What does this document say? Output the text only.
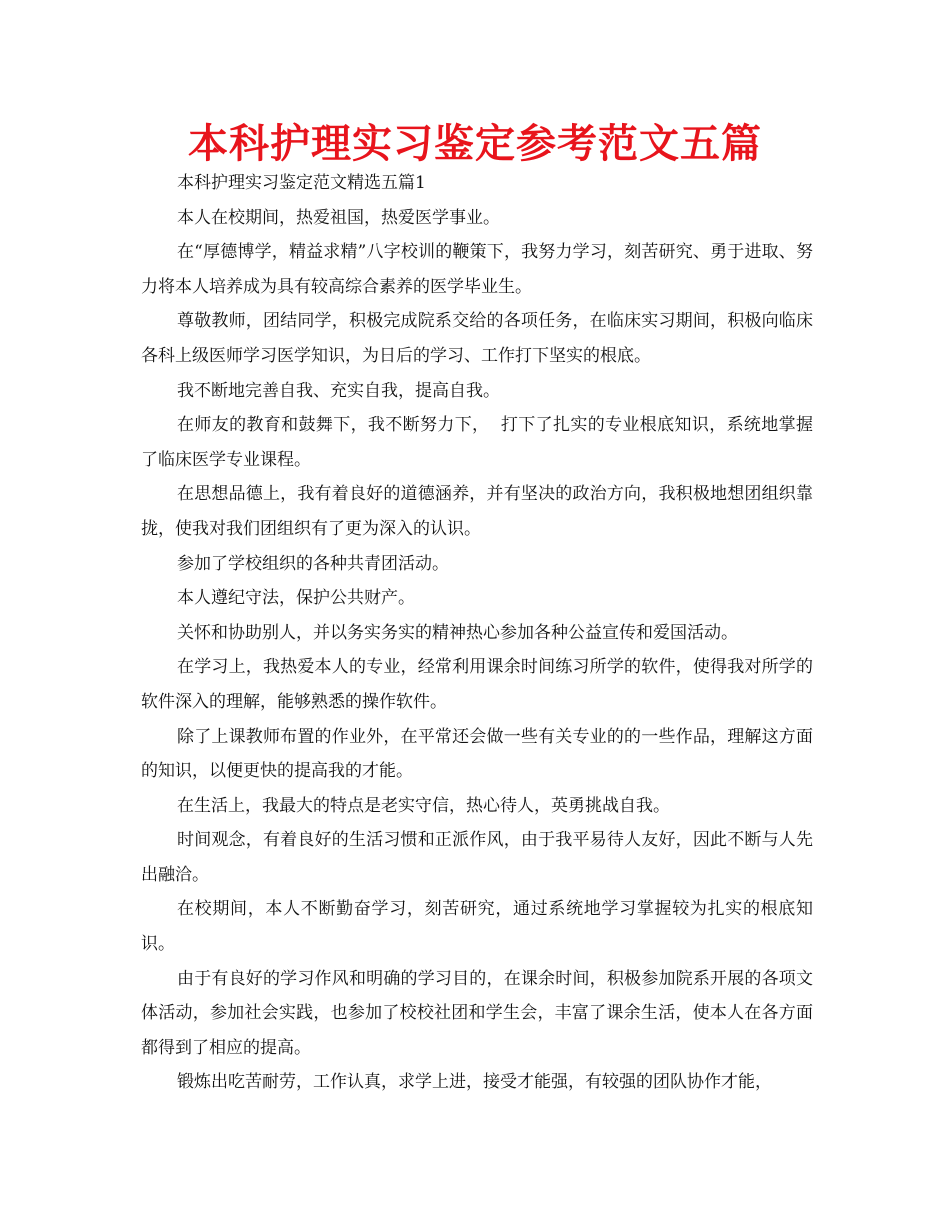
本科护理实习鉴定参考范文五篇

本科护理实习鉴定范文精选五篇1

本人在校期间，热爱祖国，热爱医学事业。

在“厚德博学，精益求精”八字校训的鞭策下，我努力学习，刻苦研究、勇于进取、努力将本人培养成为具有较高综合素养的医学毕业生。

尊敬教师，团结同学，积极完成院系交给的各项任务，在临床实习期间，积极向临床各科上级医师学习医学知识，为日后的学习、工作打下坚实的根底。

我不断地完善自我、充实自我，提高自我。

在师友的教育和鼓舞下，我不断努力下，  打下了扎实的专业根底知识，系统地掌握了临床医学专业课程。

在思想品德上，我有着良好的道德涵养，并有坚决的政治方向，我积极地想团组织靠拢，使我对我们团组织有了更为深入的认识。

参加了学校组织的各种共青团活动。

本人遵纪守法，保护公共财产。

关怀和协助别人，并以务实务实的精神热心参加各种公益宣传和爱国活动。

在学习上，我热爱本人的专业，经常利用课余时间练习所学的软件，使得我对所学的软件深入的理解，能够熟悉的操作软件。

除了上课教师布置的作业外，在平常还会做一些有关专业的的一些作品，理解这方面的知识，以便更快的提高我的才能。

在生活上，我最大的特点是老实守信，热心待人，英勇挑战自我。

时间观念，有着良好的生活习惯和正派作风，由于我平易待人友好，因此不断与人先出融洽。

在校期间，本人不断勤奋学习，刻苦研究，通过系统地学习掌握较为扎实的根底知识。

由于有良好的学习作风和明确的学习目的，在课余时间，积极参加院系开展的各项文体活动，参加社会实践，也参加了校校社团和学生会，丰富了课余生活，使本人在各方面都得到了相应的提高。

锻炼出吃苦耐劳，工作认真，求学上进，接受才能强，有较强的团队协作才能，
